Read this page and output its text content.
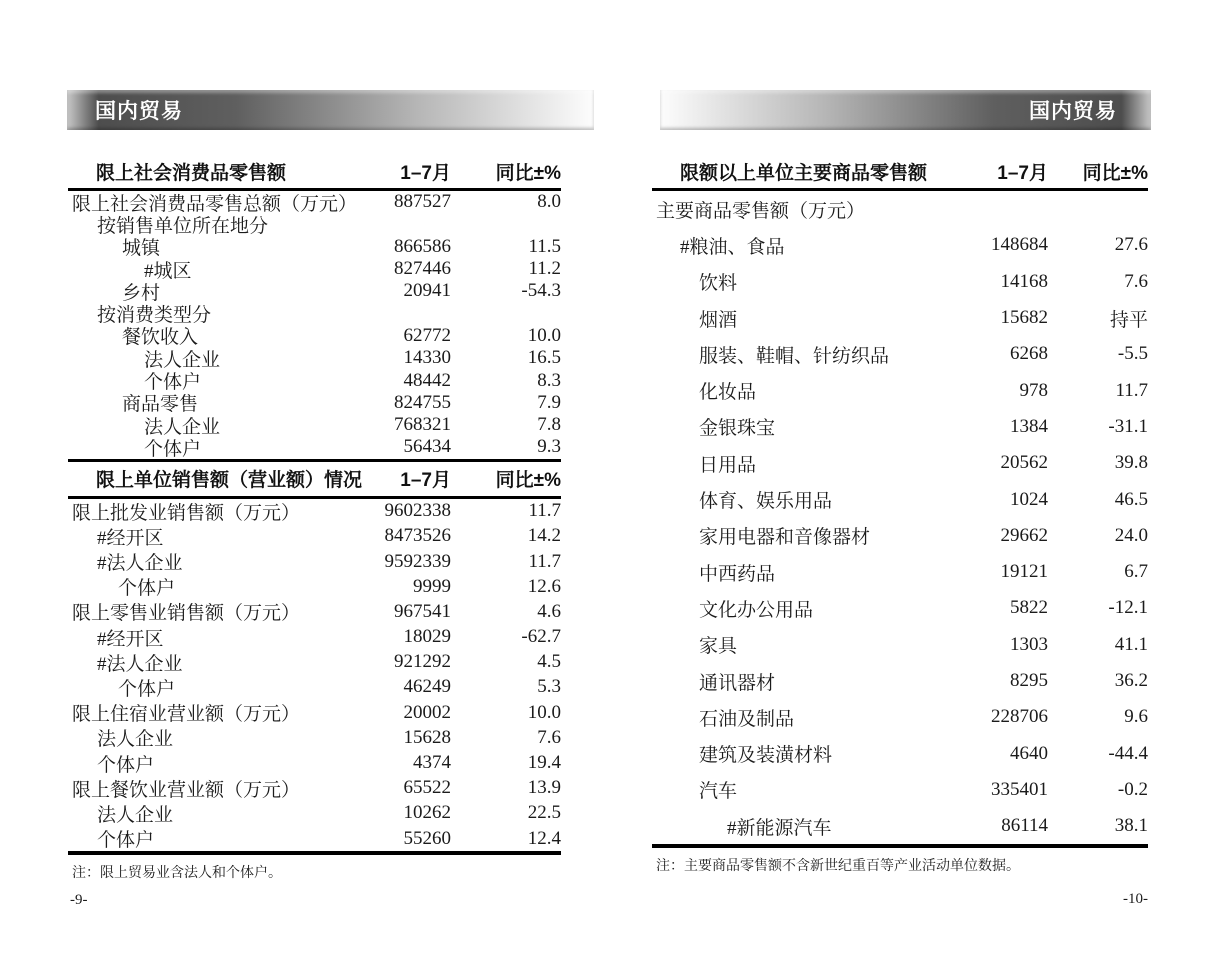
国内贸易	国内贸易
限上社会消费品零售额	1–7月	同比±%
限上社会消费品零售总额（万元）	887527	8.0
按销售单位所在地分
城镇	866586	11.5
#城区	827446	11.2
乡村	20941	-54.3
按消费类型分
餐饮收入	62772	10.0
法人企业	14330	16.5
个体户	48442	8.3
商品零售	824755	7.9
法人企业	768321	7.8
个体户	56434	9.3
限上单位销售额（营业额）情况	1–7月	同比±%
限上批发业销售额（万元）	9602338	11.7
#经开区	8473526	14.2
#法人企业	9592339	11.7
个体户	9999	12.6
限上零售业销售额（万元）	967541	4.6
#经开区	18029	-62.7
#法人企业	921292	4.5
个体户	46249	5.3
限上住宿业营业额（万元）	20002	10.0
法人企业	15628	7.6
个体户	4374	19.4
限上餐饮业营业额（万元）	65522	13.9
法人企业	10262	22.5
个体户	55260	12.4
注：限上贸易业含法人和个体户。
-9-
限额以上单位主要商品零售额	1–7月	同比±%
主要商品零售额（万元）
#粮油、食品	148684	27.6
饮料	14168	7.6
烟酒	15682	持平
服装、鞋帽、针纺织品	6268	-5.5
化妆品	978	11.7
金银珠宝	1384	-31.1
日用品	20562	39.8
体育、娱乐用品	1024	46.5
家用电器和音像器材	29662	24.0
中西药品	19121	6.7
文化办公用品	5822	-12.1
家具	1303	41.1
通讯器材	8295	36.2
石油及制品	228706	9.6
建筑及装潢材料	4640	-44.4
汽车	335401	-0.2
#新能源汽车	86114	38.1
注：主要商品零售额不含新世纪重百等产业活动单位数据。
-10-
